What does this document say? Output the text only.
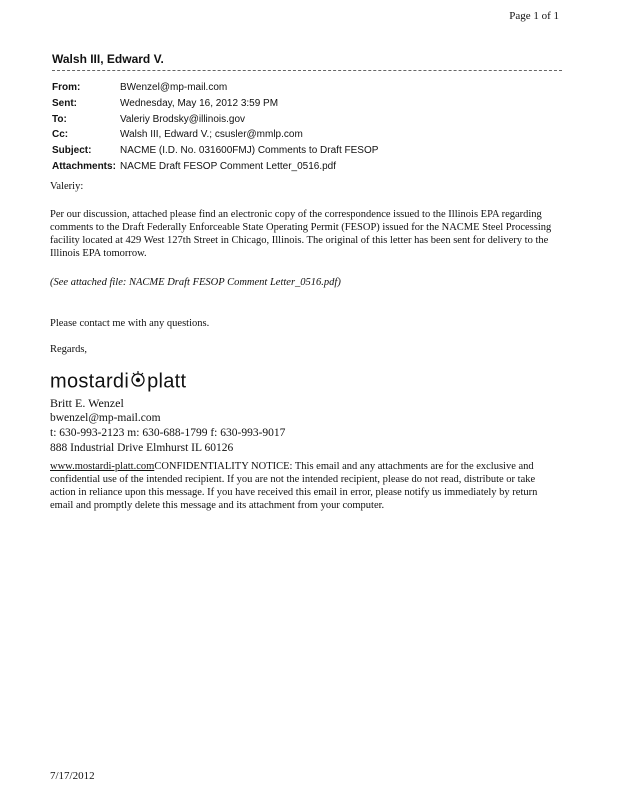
Page 1 of 1
Walsh III, Edward V.
From:	BWenzel@mp-mail.com
Sent:	Wednesday, May 16, 2012 3:59 PM
To:	Valeriy Brodsky@illinois.gov
Cc:	Walsh III, Edward V.; csusler@mmlp.com
Subject:	NACME (I.D. No. 031600FMJ) Comments to Draft FESOP
Attachments: NACME Draft FESOP Comment Letter_0516.pdf
Valeriy:
Per our discussion, attached please find an electronic copy of the correspondence issued to the Illinois EPA regarding comments to the Draft Federally Enforceable State Operating Permit (FESOP) issued for the NACME Steel Processing facility located at 429 West 127th Street in Chicago, Illinois. The original of this letter has been sent for delivery to the Illinois EPA tomorrow.
(See attached file: NACME Draft FESOP Comment Letter_0516.pdf)
Please contact me with any questions.
Regards,
mostardi platt
Britt E. Wenzel
bwenzel@mp-mail.com
t: 630-993-2123 m: 630-688-1799 f: 630-993-9017
888 Industrial Drive Elmhurst IL 60126
www.mostardi-platt.comCONFIDENTIALITY NOTICE: This email and any attachments are for the exclusive and confidential use of the intended recipient. If you are not the intended recipient, please do not read, distribute or take action in reliance upon this message. If you have received this email in error, please notify us immediately by return email and promptly delete this message and its attachment from your computer.
7/17/2012
